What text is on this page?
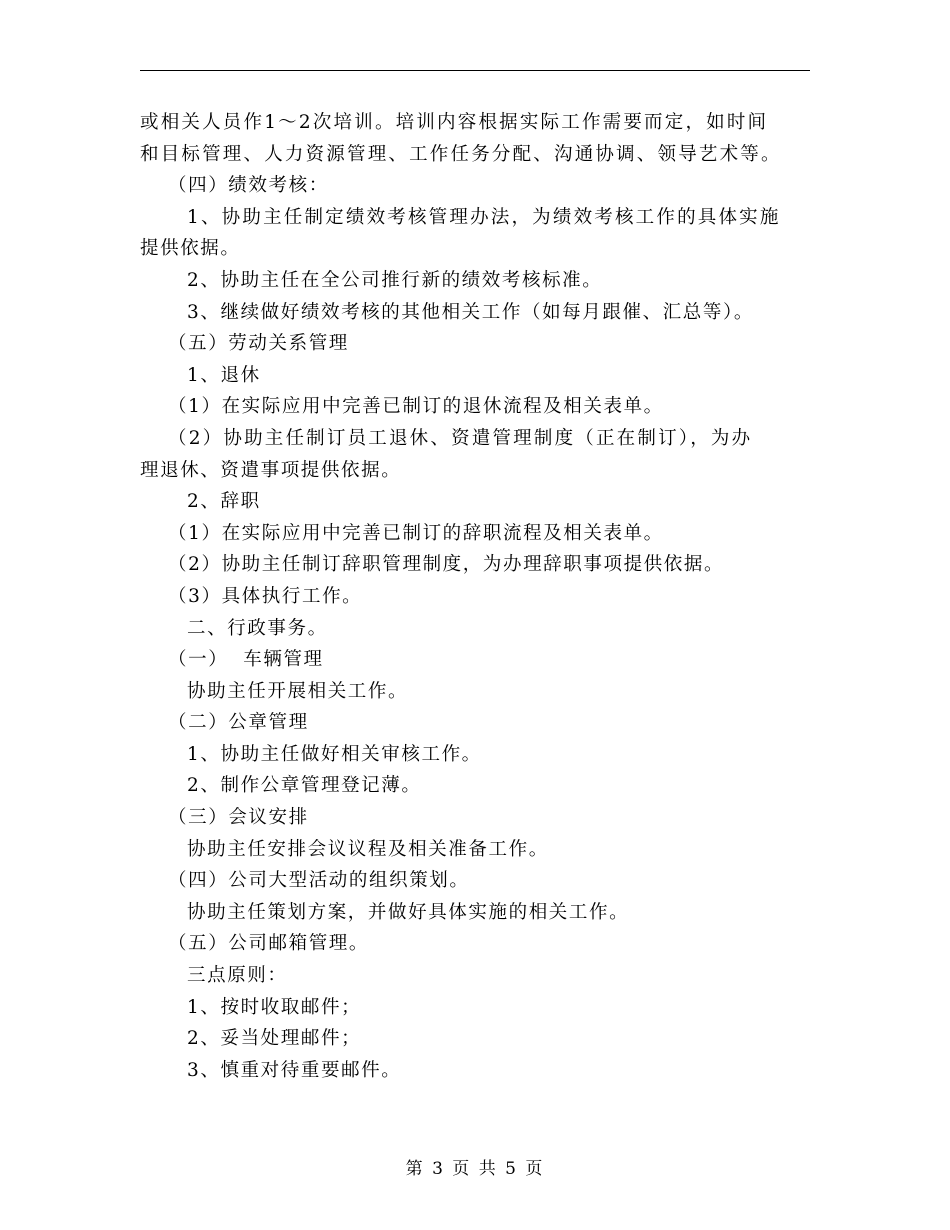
或相关人员作1～2次培训。培训内容根据实际工作需要而定，如时间
和目标管理、人力资源管理、工作任务分配、沟通协调、领导艺术等。
（四）绩效考核：
1、协助主任制定绩效考核管理办法，为绩效考核工作的具体实施
提供依据。
2、协助主任在全公司推行新的绩效考核标准。
3、继续做好绩效考核的其他相关工作（如每月跟催、汇总等）。
（五）劳动关系管理
1、退休
（1）在实际应用中完善已制订的退休流程及相关表单。
（2）协助主任制订员工退休、资遣管理制度（正在制订），为办
理退休、资遣事项提供依据。
2、辞职
（1）在实际应用中完善已制订的辞职流程及相关表单。
（2）协助主任制订辞职管理制度，为办理辞职事项提供依据。
（3）具体执行工作。
二、行政事务。
（一）  车辆管理
协助主任开展相关工作。
（二）公章管理
1、协助主任做好相关审核工作。
2、制作公章管理登记薄。
（三）会议安排
协助主任安排会议议程及相关准备工作。
（四）公司大型活动的组织策划。
协助主任策划方案，并做好具体实施的相关工作。
（五）公司邮箱管理。
三点原则：
1、按时收取邮件；
2、妥当处理邮件；
3、慎重对待重要邮件。
第 3 页 共 5 页
